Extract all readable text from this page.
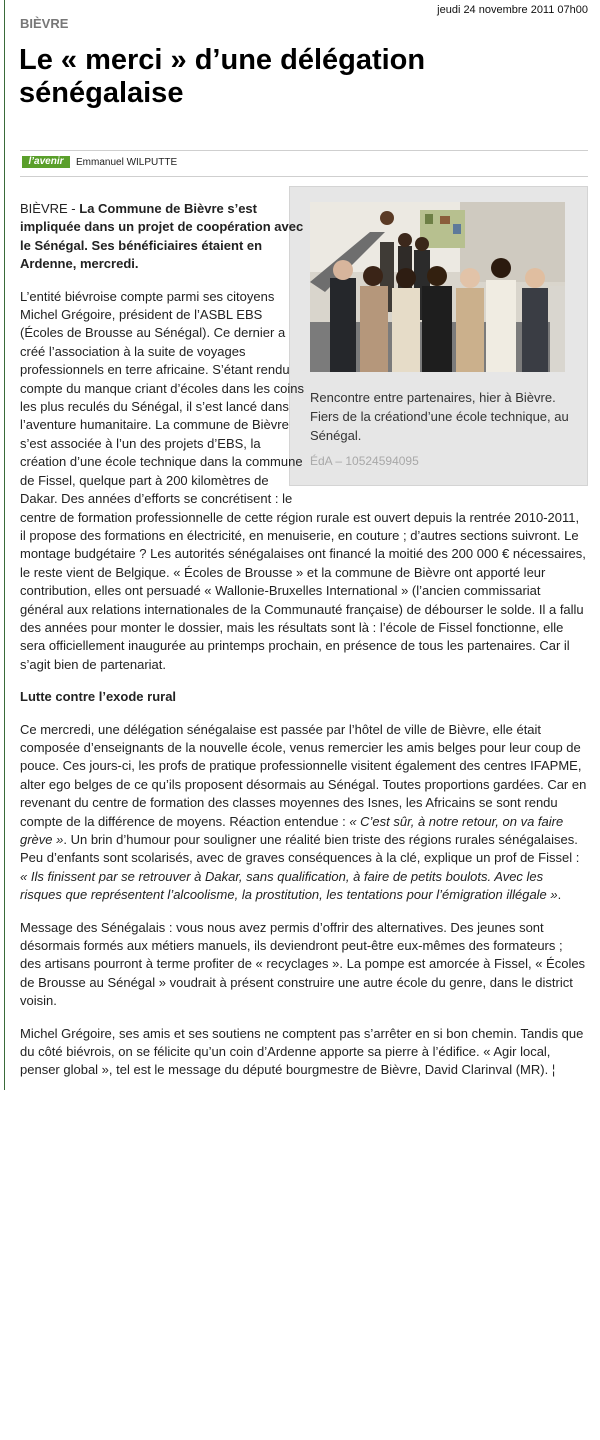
jeudi 24 novembre 2011 07h00
BIÈVRE
Le « merci » d’une délégation sénégalaise
l’avenir	Emmanuel WILPUTTE
Rencontre entre partenaires, hier à Bièvre. Fiers de la créationd’une école technique, au Sénégal.
ÉdA – 10524594095

BIÈVRE - La Commune de Bièvre s’est impliquée dans un projet de coopération avec le Sénégal. Ses bénéficiaires étaient en Ardenne, mercredi.

L’entité biévroise compte parmi ses citoyens Michel Grégoire, président de l’ASBL EBS (Écoles de Brousse au Sénégal). Ce dernier a créé l’association à la suite de voyages professionnels en terre africaine. S’étant rendu compte du manque criant d’écoles dans les coins les plus reculés du Sénégal, il s’est lancé dans l’aventure humanitaire. La commune de Bièvre s’est associée à l’un des projets d’EBS, la création d’une école technique dans la commune de Fissel, quelque part à 200 kilomètres de Dakar. Des années d’efforts se concrétisent : le centre de formation professionnelle de cette région rurale est ouvert depuis la rentrée 2010-2011, il propose des formations en électricité, en menuiserie, en couture ; d’autres sections suivront. Le montage budgétaire ? Les autorités sénégalaises ont financé la moitié des 200 000 € nécessaires, le reste vient de Belgique. « Écoles de Brousse » et la commune de Bièvre ont apporté leur contribution, elles ont persuadé « Wallonie-Bruxelles International » (l’ancien commissariat général aux relations internationales de la Communauté française) de débourser le solde. Il a fallu des années pour monter le dossier, mais les résultats sont là : l’école de Fissel fonctionne, elle sera officiellement inaugurée au printemps prochain, en présence de tous les partenaires. Car il s’agit bien de partenariat.

Lutte contre l’exode rural

Ce mercredi, une délégation sénégalaise est passée par l’hôtel de ville de Bièvre, elle était composée d’enseignants de la nouvelle école, venus remercier les amis belges pour leur coup de pouce. Ces jours-ci, les profs de pratique professionnelle visitent également des centres IFAPME, alter ego belges de ce qu’ils proposent désormais au Sénégal. Toutes proportions gardées. Car en revenant du centre de formation des classes moyennes des Isnes, les Africains se sont rendu compte de la différence de moyens. Réaction entendue : « C’est sûr, à notre retour, on va faire grève ». Un brin d’humour pour souligner une réalité bien triste des régions rurales sénégalaises. Peu d’enfants sont scolarisés, avec de graves conséquences à la clé, explique un prof de Fissel : « Ils finissent par se retrouver à Dakar, sans qualification, à faire de petits boulots. Avec les risques que représentent l’alcoolisme, la prostitution, les tentations pour l’émigration illégale ».

Message des Sénégalais : vous nous avez permis d’offrir des alternatives. Des jeunes sont désormais formés aux métiers manuels, ils deviendront peut-être eux-mêmes des formateurs ; des artisans pourront à terme profiter de « recyclages ». La pompe est amorcée à Fissel, « Écoles de Brousse au Sénégal » voudrait à présent construire une autre école du genre, dans le district voisin.

Michel Grégoire, ses amis et ses soutiens ne comptent pas s’arrêter en si bon chemin. Tandis que du côté biévrois, on se félicite qu’un coin d’Ardenne apporte sa pierre à l’édifice. « Agir local, penser global », tel est le message du député bourgmestre de Bièvre, David Clarinval (MR). ¦
